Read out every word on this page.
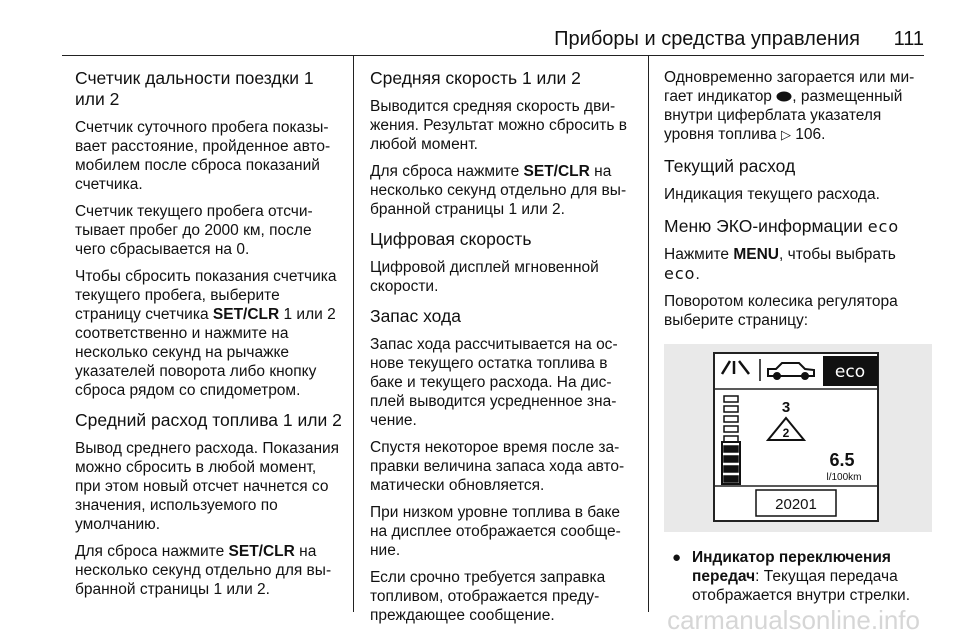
Приборы и средства управления 111
Счетчик дальности поездки 1 или 2

Счетчик суточного пробега показывает расстояние, пройденное автомобилем после сброса показаний счетчика.

Счетчик текущего пробега отсчитывает пробег до 2000 км, после чего сбрасывается на 0.

Чтобы сбросить показания счетчика текущего пробега, выберите страницу счетчика SET/CLR 1 или 2 соответственно и нажмите на несколько секунд на рычажке указателей поворота либо кнопку сброса рядом со спидометром.

Средний расход топлива 1 или 2

Вывод среднего расхода. Показания можно сбросить в любой момент, при этом новый отсчет начнется со значения, используемого по умолчанию.

Для сброса нажмите SET/CLR на несколько секунд отдельно для выбранной страницы 1 или 2.

Средняя скорость 1 или 2

Выводится средняя скорость движения. Результат можно сбросить в любой момент.

Для сброса нажмите SET/CLR на несколько секунд отдельно для выбранной страницы 1 или 2.

Цифровая скорость

Цифровой дисплей мгновенной скорости.

Запас хода

Запас хода рассчитывается на основе текущего остатка топлива в баке и текущего расхода. На дисплей выводится усредненное значение.

Спустя некоторое время после заправки величина запаса хода автоматически обновляется.

При низком уровне топлива в баке на дисплее отображается сообщение.

Если срочно требуется заправка топливом, отображается предупреждающее сообщение.

Одновременно загорается или мигает индикатор , размещенный внутри циферблата указателя уровня топлива ▷ 106.

Текущий расход

Индикация текущего расхода.

Меню ЭКО-информации eco

Нажмите MENU, чтобы выбрать eco.

Поворотом колесика регулятора выберите страницу:

eco
3
2
6.5
l/100km
20201
● Индикатор переключения передач: Текущая передача отображается внутри стрелки.
carmanualsonline.info
